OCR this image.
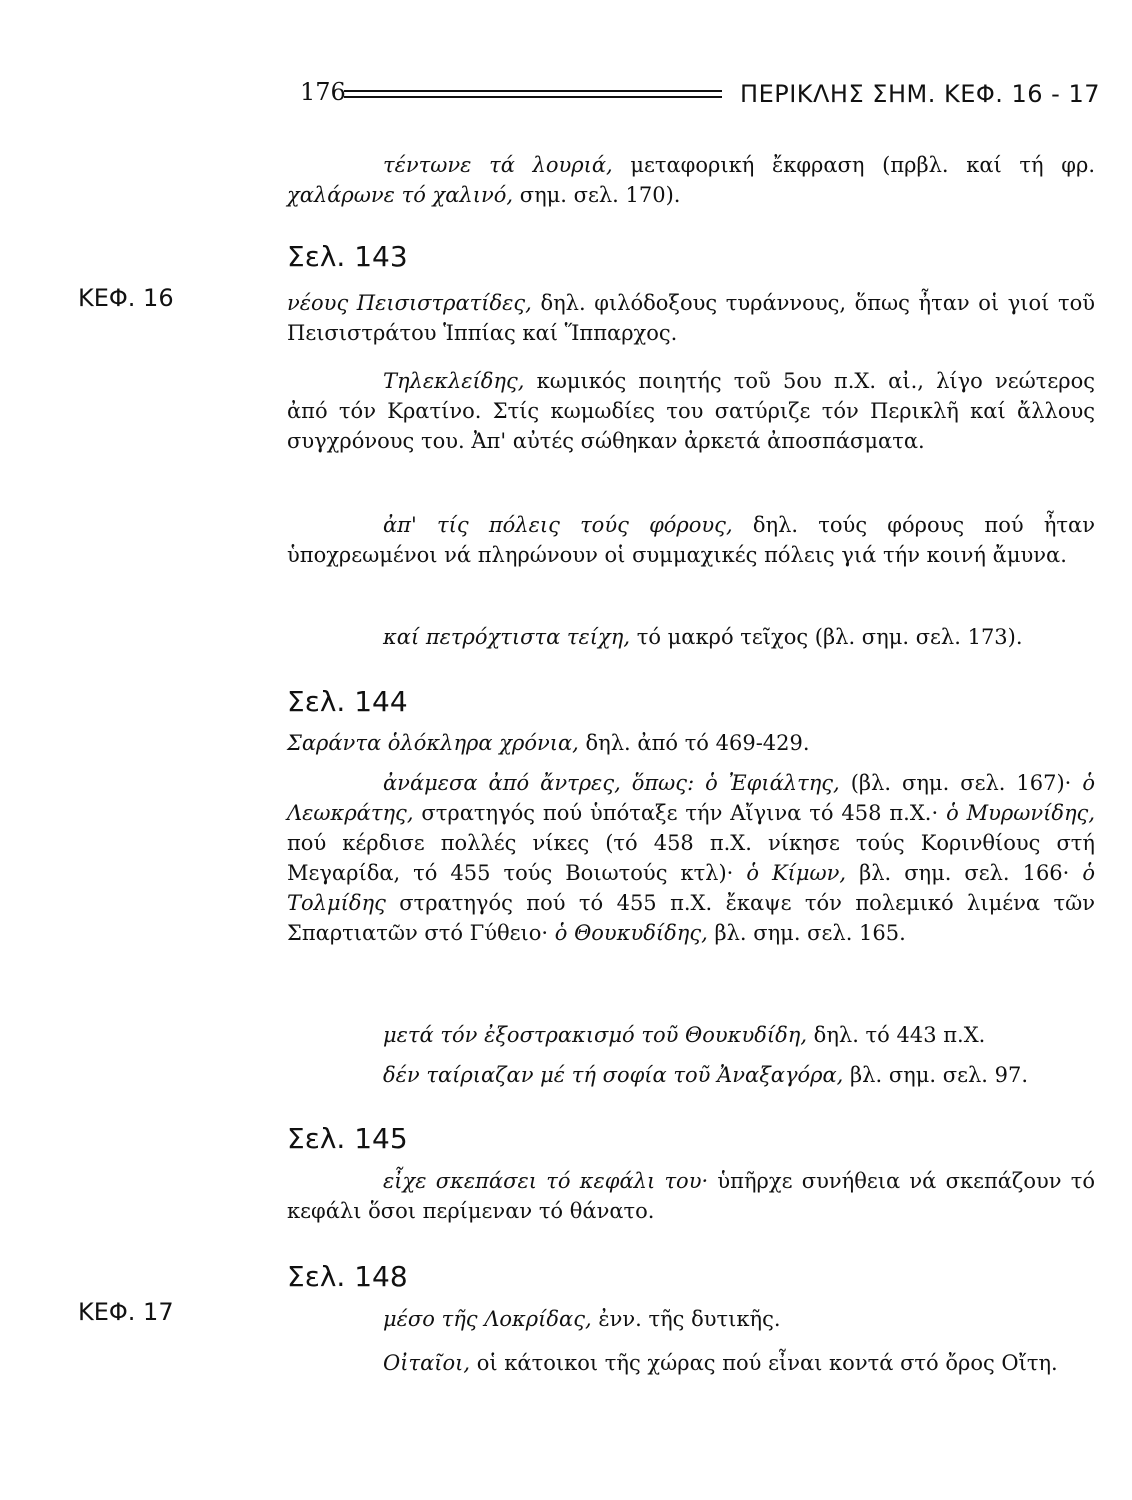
176	ΠΕΡΙΚΛΗΣ ΣΗΜ. ΚΕΦ. 16 - 17

τέντωνε τά λουριά, μεταφορική ἔκφραση (πρβλ. καί τή φρ. χαλάρωνε τό χαλινό, σημ. σελ. 170).

ΚΕΦ. 16
ΚΕΦ. 17
Σελ. 143

νέους Πεισιστρατίδες, δηλ. φιλόδοξους τυράννους, ὅπως ἦταν οἱ γιοί τοῦ Πεισιστράτου Ἱππίας καί Ἵππαρχος.

Τηλεκλείδης, κωμικός ποιητής τοῦ 5ου π.Χ. αἰ., λίγο νεώτερος ἀπό τόν Κρατίνο. Στίς κωμωδίες του σατύριζε τόν Περικλῆ καί ἄλλους συγχρόνους του. Ἀπ' αὐτές σώθηκαν ἀρκετά ἀποσπάσματα.

ἀπ' τίς πόλεις τούς φόρους, δηλ. τούς φόρους πού ἦταν ὑποχρεωμένοι νά πληρώνουν οἱ συμμαχικές πόλεις γιά τήν κοινή ἄμυνα.

καί πετρόχτιστα τείχη, τό μακρό τεῖχος (βλ. σημ. σελ. 173).

Σελ. 144

Σαράντα ὁλόκληρα χρόνια, δηλ. ἀπό τό 469-429.

ἀνάμεσα ἀπό ἄντρες, ὅπως: ὁ Ἐφιάλτης, (βλ. σημ. σελ. 167)· ὁ Λεωκράτης, στρατηγός πού ὑπόταξε τήν Αἴγινα τό 458 π.Χ.· ὁ Μυρωνίδης, πού κέρδισε πολλές νίκες (τό 458 π.Χ. νίκησε τούς Κορινθίους στή Μεγαρίδα, τό 455 τούς Βοιωτούς κτλ)· ὁ Κίμων, βλ. σημ. σελ. 166· ὁ Τολμίδης στρατηγός πού τό 455 π.Χ. ἔκαψε τόν πολεμικό λιμένα τῶν Σπαρτιατῶν στό Γύθειο· ὁ Θουκυδίδης, βλ. σημ. σελ. 165.

μετά τόν ἐξοστρακισμό τοῦ Θουκυδίδη, δηλ. τό 443 π.Χ.

δέν ταίριαζαν μέ τή σοφία τοῦ Ἀναξαγόρα, βλ. σημ. σελ. 97.

Σελ. 145

εἶχε σκεπάσει τό κεφάλι του· ὑπῆρχε συνήθεια νά σκεπάζουν τό κεφάλι ὅσοι περίμεναν τό θάνατο.

Σελ. 148

μέσο τῆς Λοκρίδας, ἐνν. τῆς δυτικῆς.

Οἰταῖοι, οἱ κάτοικοι τῆς χώρας πού εἶναι κοντά στό ὄρος Οἴτη.
